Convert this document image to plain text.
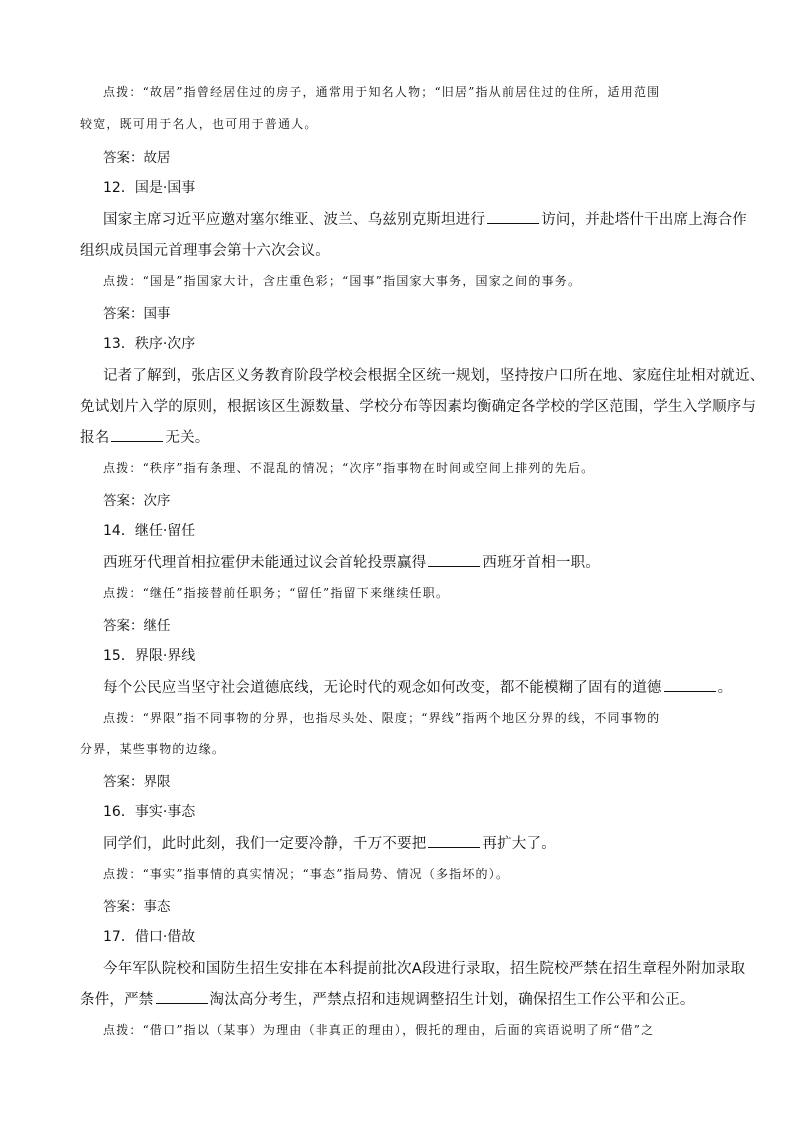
点拨：“故居”指曾经居住过的房子，通常用于知名人物；“旧居”指从前居住过的住所，适用范围
较宽，既可用于名人，也可用于普通人。
答案：故居
12．国是·国事
国家主席习近平应邀对塞尔维亚、波兰、乌兹别克斯坦进行	访问，并赴塔什干出席上海合作
组织成员国元首理事会第十六次会议。
点拨：“国是”指国家大计，含庄重色彩；“国事”指国家大事务，国家之间的事务。
答案：国事
13．秩序·次序
记者了解到，张店区义务教育阶段学校会根据全区统一规划，坚持按户口所在地、家庭住址相对就近、
免试划片入学的原则，根据该区生源数量、学校分布等因素均衡确定各学校的学区范围，学生入学顺序与
报名	无关。
点拨：“秩序”指有条理、不混乱的情况；“次序”指事物在时间或空间上排列的先后。
答案：次序
14．继任·留任
西班牙代理首相拉霍伊未能通过议会首轮投票赢得	西班牙首相一职。
点拨：“继任”指接替前任职务；“留任”指留下来继续任职。
答案：继任
15．界限·界线
每个公民应当坚守社会道德底线，无论时代的观念如何改变，都不能模糊了固有的道德	。
点拨：“界限”指不同事物的分界，也指尽头处、限度；“界线”指两个地区分界的线，不同事物的
分界，某些事物的边缘。
答案：界限
16．事实·事态
同学们，此时此刻，我们一定要冷静，千万不要把	再扩大了。
点拨：“事实”指事情的真实情况；“事态”指局势、情况（多指坏的）。
答案：事态
17．借口·借故
今年军队院校和国防生招生安排在本科提前批次A段进行录取，招生院校严禁在招生章程外附加录取
条件，严禁	淘汰高分考生，严禁点招和违规调整招生计划，确保招生工作公平和公正。
点拨：“借口”指以（某事）为理由（非真正的理由），假托的理由，后面的宾语说明了所“借”之
